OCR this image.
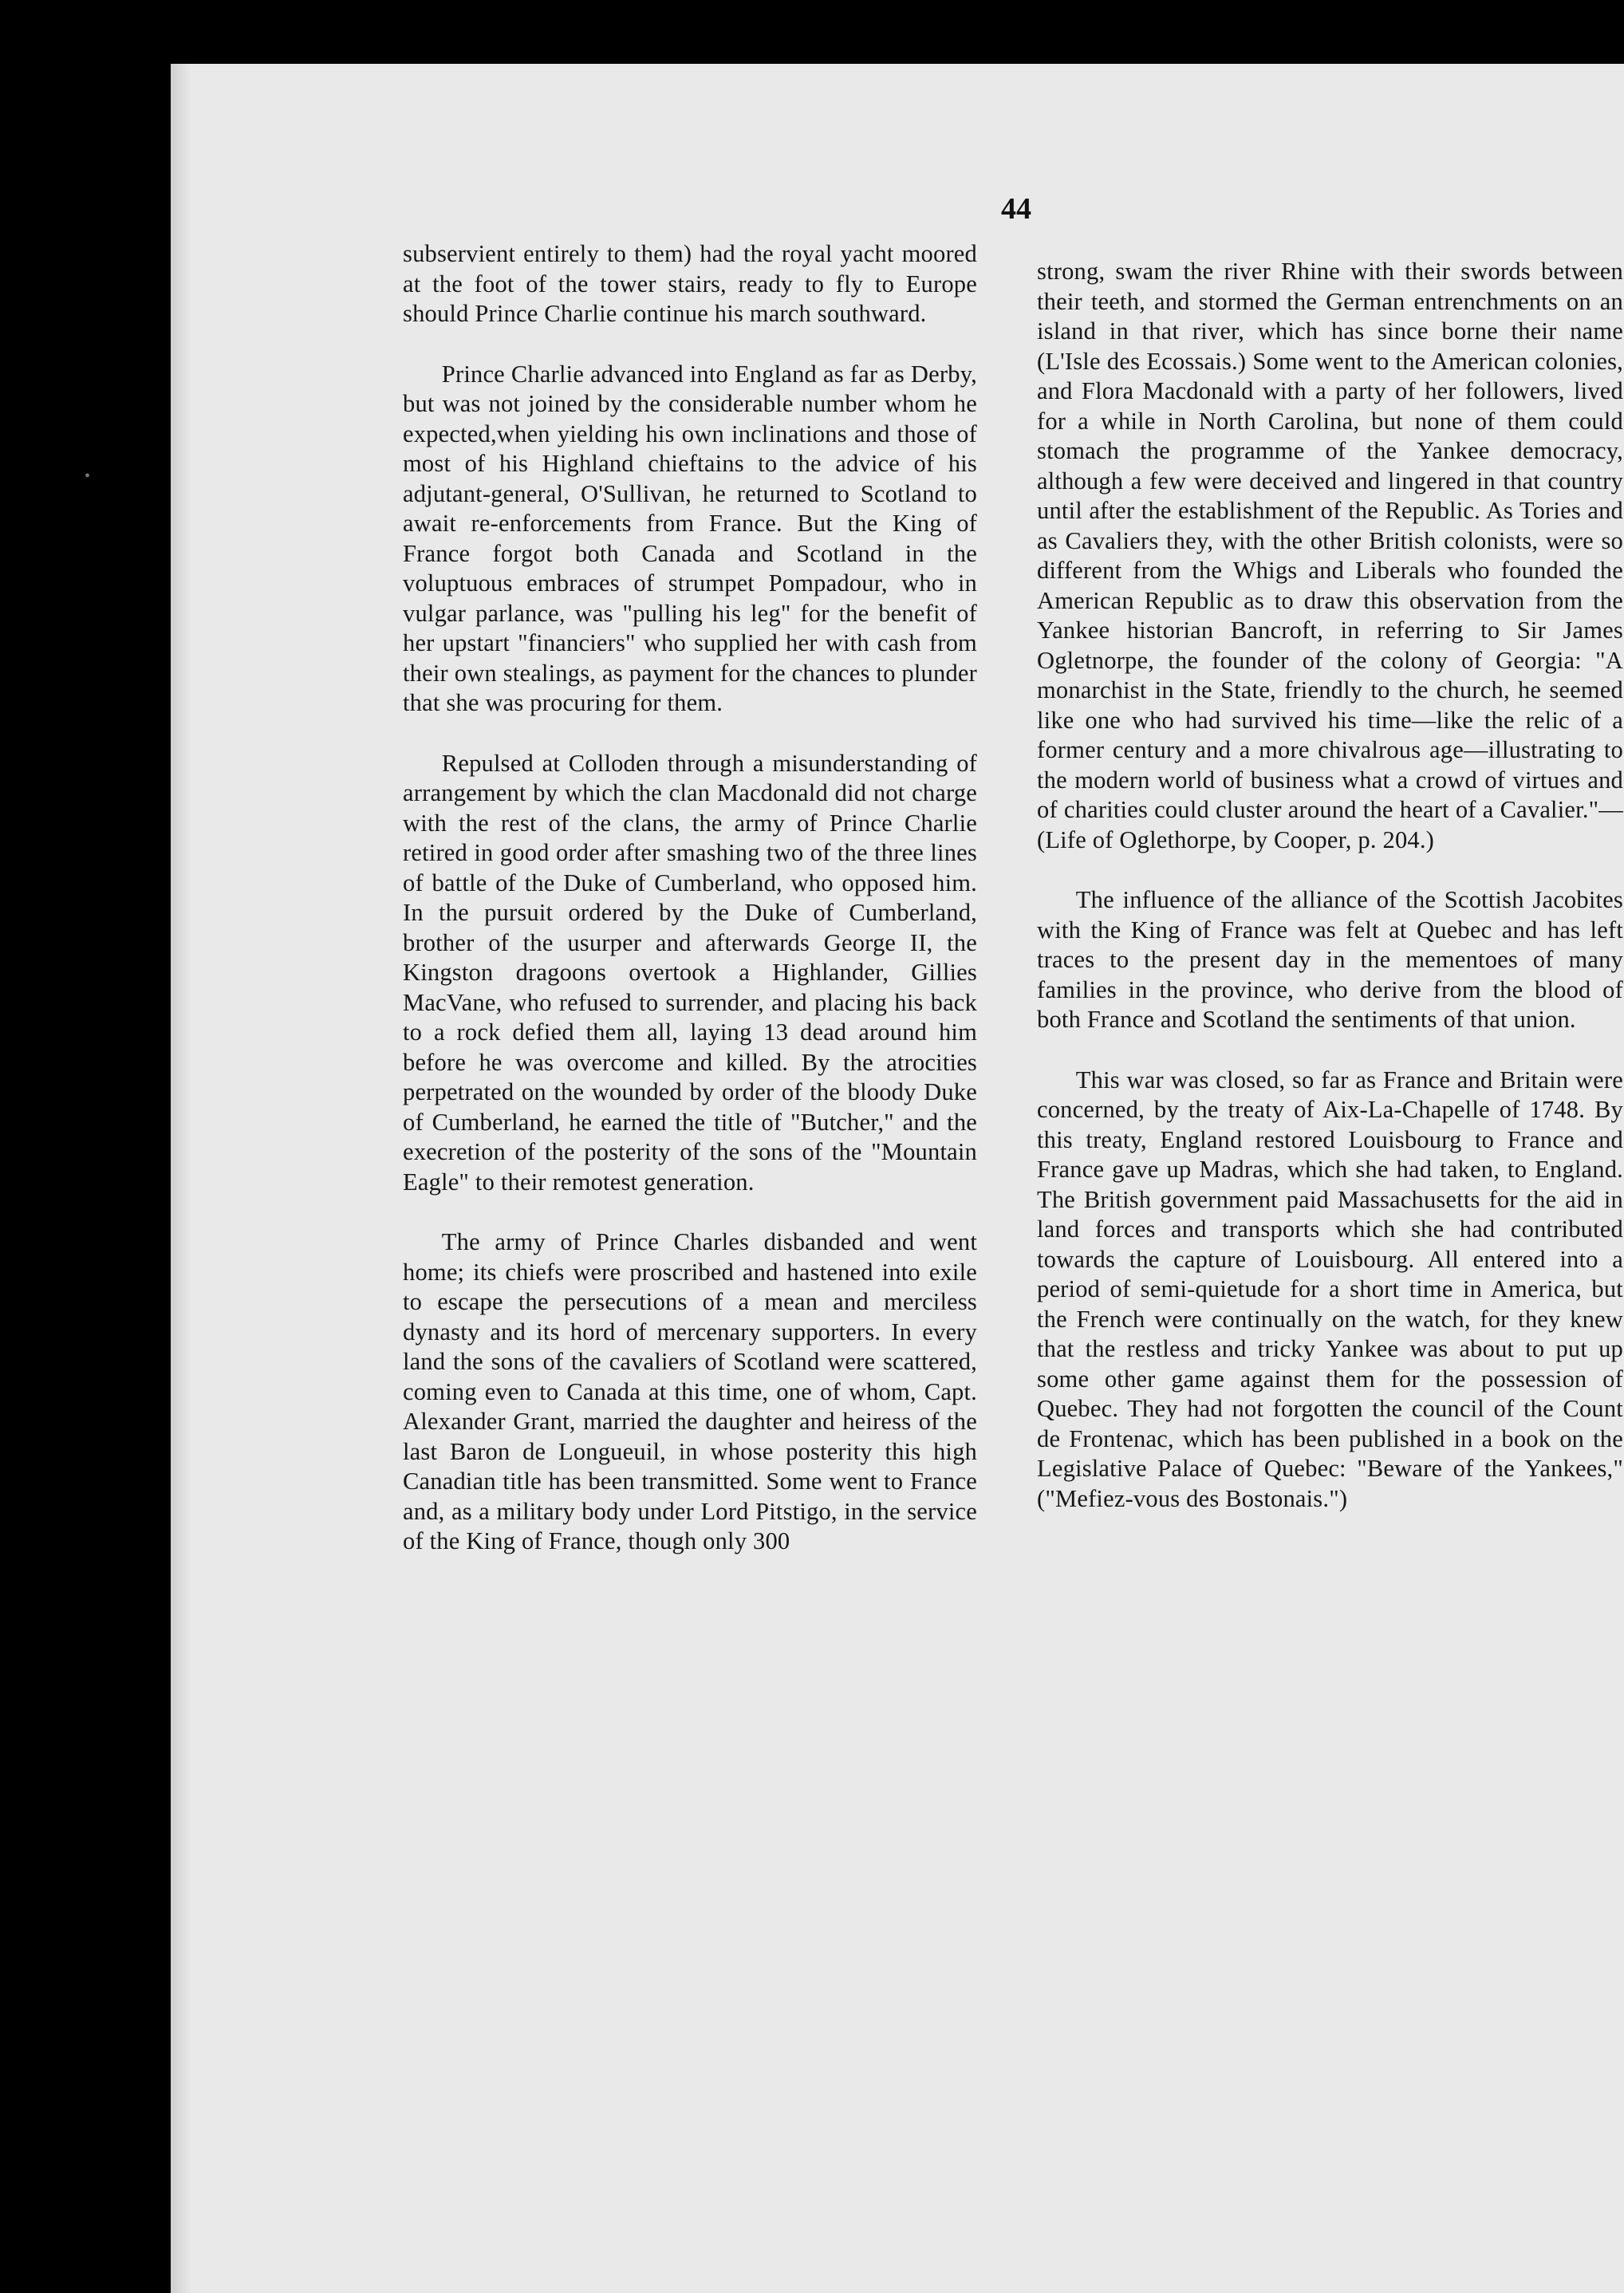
•
44

subservient entirely to them) had the royal yacht moored at the foot of the tower stairs, ready to fly to Europe should Prince Charlie continue his march southward.

Prince Charlie advanced into England as far as Derby, but was not joined by the considerable number whom he expected,when yielding his own inclinations and those of most of his Highland chieftains to the advice of his adjutant-general, O'Sullivan, he returned to Scotland to await re-enforcements from France. But the King of France forgot both Canada and Scotland in the voluptuous embraces of strumpet Pompadour, who in vulgar parlance, was "pulling his leg" for the benefit of her upstart "financiers" who supplied her with cash from their own stealings, as payment for the chances to plunder that she was procuring for them.

Repulsed at Colloden through a misunderstanding of arrangement by which the clan Macdonald did not charge with the rest of the clans, the army of Prince Charlie retired in good order after smashing two of the three lines of battle of the Duke of Cumberland, who opposed him. In the pursuit ordered by the Duke of Cumberland, brother of the usurper and afterwards George II, the Kingston dragoons overtook a Highlander, Gillies MacVane, who refused to surrender, and placing his back to a rock defied them all, laying 13 dead around him before he was overcome and killed. By the atrocities perpetrated on the wounded by order of the bloody Duke of Cumberland, he earned the title of "Butcher," and the execretion of the posterity of the sons of the "Mountain Eagle" to their remotest generation.

The army of Prince Charles disbanded and went home; its chiefs were proscribed and hastened into exile to escape the persecutions of a mean and merciless dynasty and its hord of mercenary supporters. In every land the sons of the cavaliers of Scotland were scattered, coming even to Canada at this time, one of whom, Capt. Alexander Grant, married the daughter and heiress of the last Baron de Longueuil, in whose posterity this high Canadian title has been transmitted. Some went to France and, as a military body under Lord Pitstigo, in the service of the King of France, though only 300

strong, swam the river Rhine with their swords between their teeth, and stormed the German entrenchments on an island in that river, which has since borne their name (L'Isle des Ecossais.) Some went to the American colonies, and Flora Macdonald with a party of her followers, lived for a while in North Carolina, but none of them could stomach the programme of the Yankee democracy, although a few were deceived and lingered in that country until after the establishment of the Republic. As Tories and as Cavaliers they, with the other British colonists, were so different from the Whigs and Liberals who founded the American Republic as to draw this observation from the Yankee historian Bancroft, in referring to Sir James Ogletnorpe, the founder of the colony of Georgia: "A monarchist in the State, friendly to the church, he seemed like one who had survived his time—like the relic of a former century and a more chivalrous age—illustrating to the modern world of business what a crowd of virtues and of charities could cluster around the heart of a Cavalier."—(Life of Oglethorpe, by Cooper, p. 204.)

The influence of the alliance of the Scottish Jacobites with the King of France was felt at Quebec and has left traces to the present day in the mementoes of many families in the province, who derive from the blood of both France and Scotland the sentiments of that union.

This war was closed, so far as France and Britain were concerned, by the treaty of Aix-La-Chapelle of 1748. By this treaty, England restored Louisbourg to France and France gave up Madras, which she had taken, to England. The British government paid Massachusetts for the aid in land forces and transports which she had contributed towards the capture of Louisbourg. All entered into a period of semi-quietude for a short time in America, but the French were continually on the watch, for they knew that the restless and tricky Yankee was about to put up some other game against them for the possession of Quebec. They had not forgotten the council of the Count de Frontenac, which has been published in a book on the Legislative Palace of Quebec: "Beware of the Yankees," ("Mefiez-vous des Bostonais.")
